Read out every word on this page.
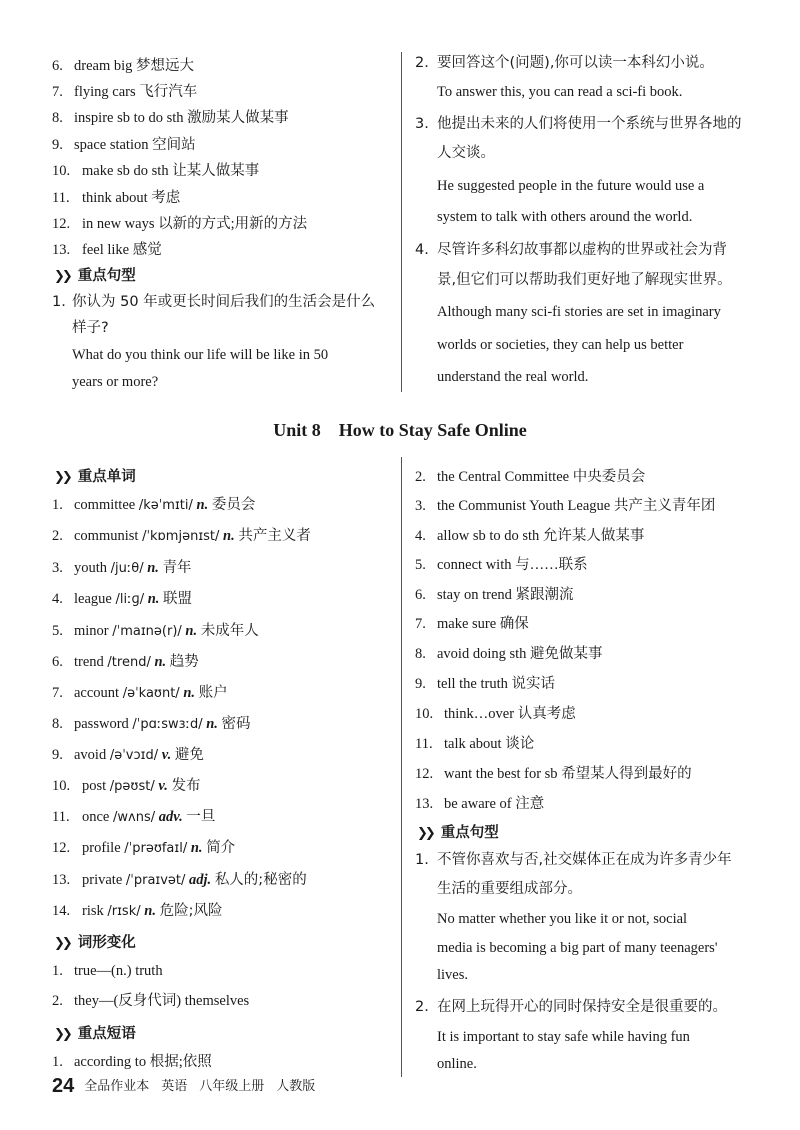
6. dream big 梦想远大
7. flying cars 飞行汽车
8. inspire sb to do sth 激励某人做某事
9. space station 空间站
10. make sb do sth 让某人做某事
11. think about 考虑
12. in new ways 以新的方式;用新的方法
13. feel like 感觉
❯❯ 重点句型
1. 你认为 50 年或更长时间后我们的生活会是什么
样子?
What do you think our life will be like in 50
years or more?
2. 要回答这个(问题),你可以读一本科幻小说。
To answer this, you can read a sci-fi book.
3. 他提出未来的人们将使用一个系统与世界各地的
人交谈。
He suggested people in the future would use a
system to talk with others around the world.
4. 尽管许多科幻故事都以虚构的世界或社会为背
景,但它们可以帮助我们更好地了解现实世界。
Although many sci-fi stories are set in imaginary
worlds or societies, they can help us better
understand the real world.
Unit 8    How to Stay Safe Online
❯❯ 重点单词
1. committee /kəˈmɪti/ n. 委员会
2. communist /ˈkɒmjənɪst/ n. 共产主义者
3. youth /juːθ/ n. 青年
4. league /liːɡ/ n. 联盟
5. minor /ˈmaɪnə(r)/ n. 未成年人
6. trend /trend/ n. 趋势
7. account /əˈkaʊnt/ n. 账户
8. password /ˈpɑːswɜːd/ n. 密码
9. avoid /əˈvɔɪd/ v. 避免
10. post /pəʊst/ v. 发布
11. once /wʌns/ adv. 一旦
12. profile /ˈprəʊfaɪl/ n. 简介
13. private /ˈpraɪvət/ adj. 私人的;秘密的
14. risk /rɪsk/ n. 危险;风险
❯❯ 词形变化
1. true—(n.) truth
2. they—(反身代词) themselves
❯❯ 重点短语
1. according to 根据;依照
2. the Central Committee 中央委员会
3. the Communist Youth League 共产主义青年团
4. allow sb to do sth 允许某人做某事
5. connect with 与……联系
6. stay on trend 紧跟潮流
7. make sure 确保
8. avoid doing sth 避免做某事
9. tell the truth 说实话
10. think…over 认真考虑
11. talk about 谈论
12. want the best for sb 希望某人得到最好的
13. be aware of 注意
❯❯ 重点句型
1. 不管你喜欢与否,社交媒体正在成为许多青少年
生活的重要组成部分。
No matter whether you like it or not, social
media is becoming a big part of many teenagers'
lives.
2. 在网上玩得开心的同时保持安全是很重要的。
It is important to stay safe while having fun
online.
24 全品作业本 英语 八年级上册 人教版
